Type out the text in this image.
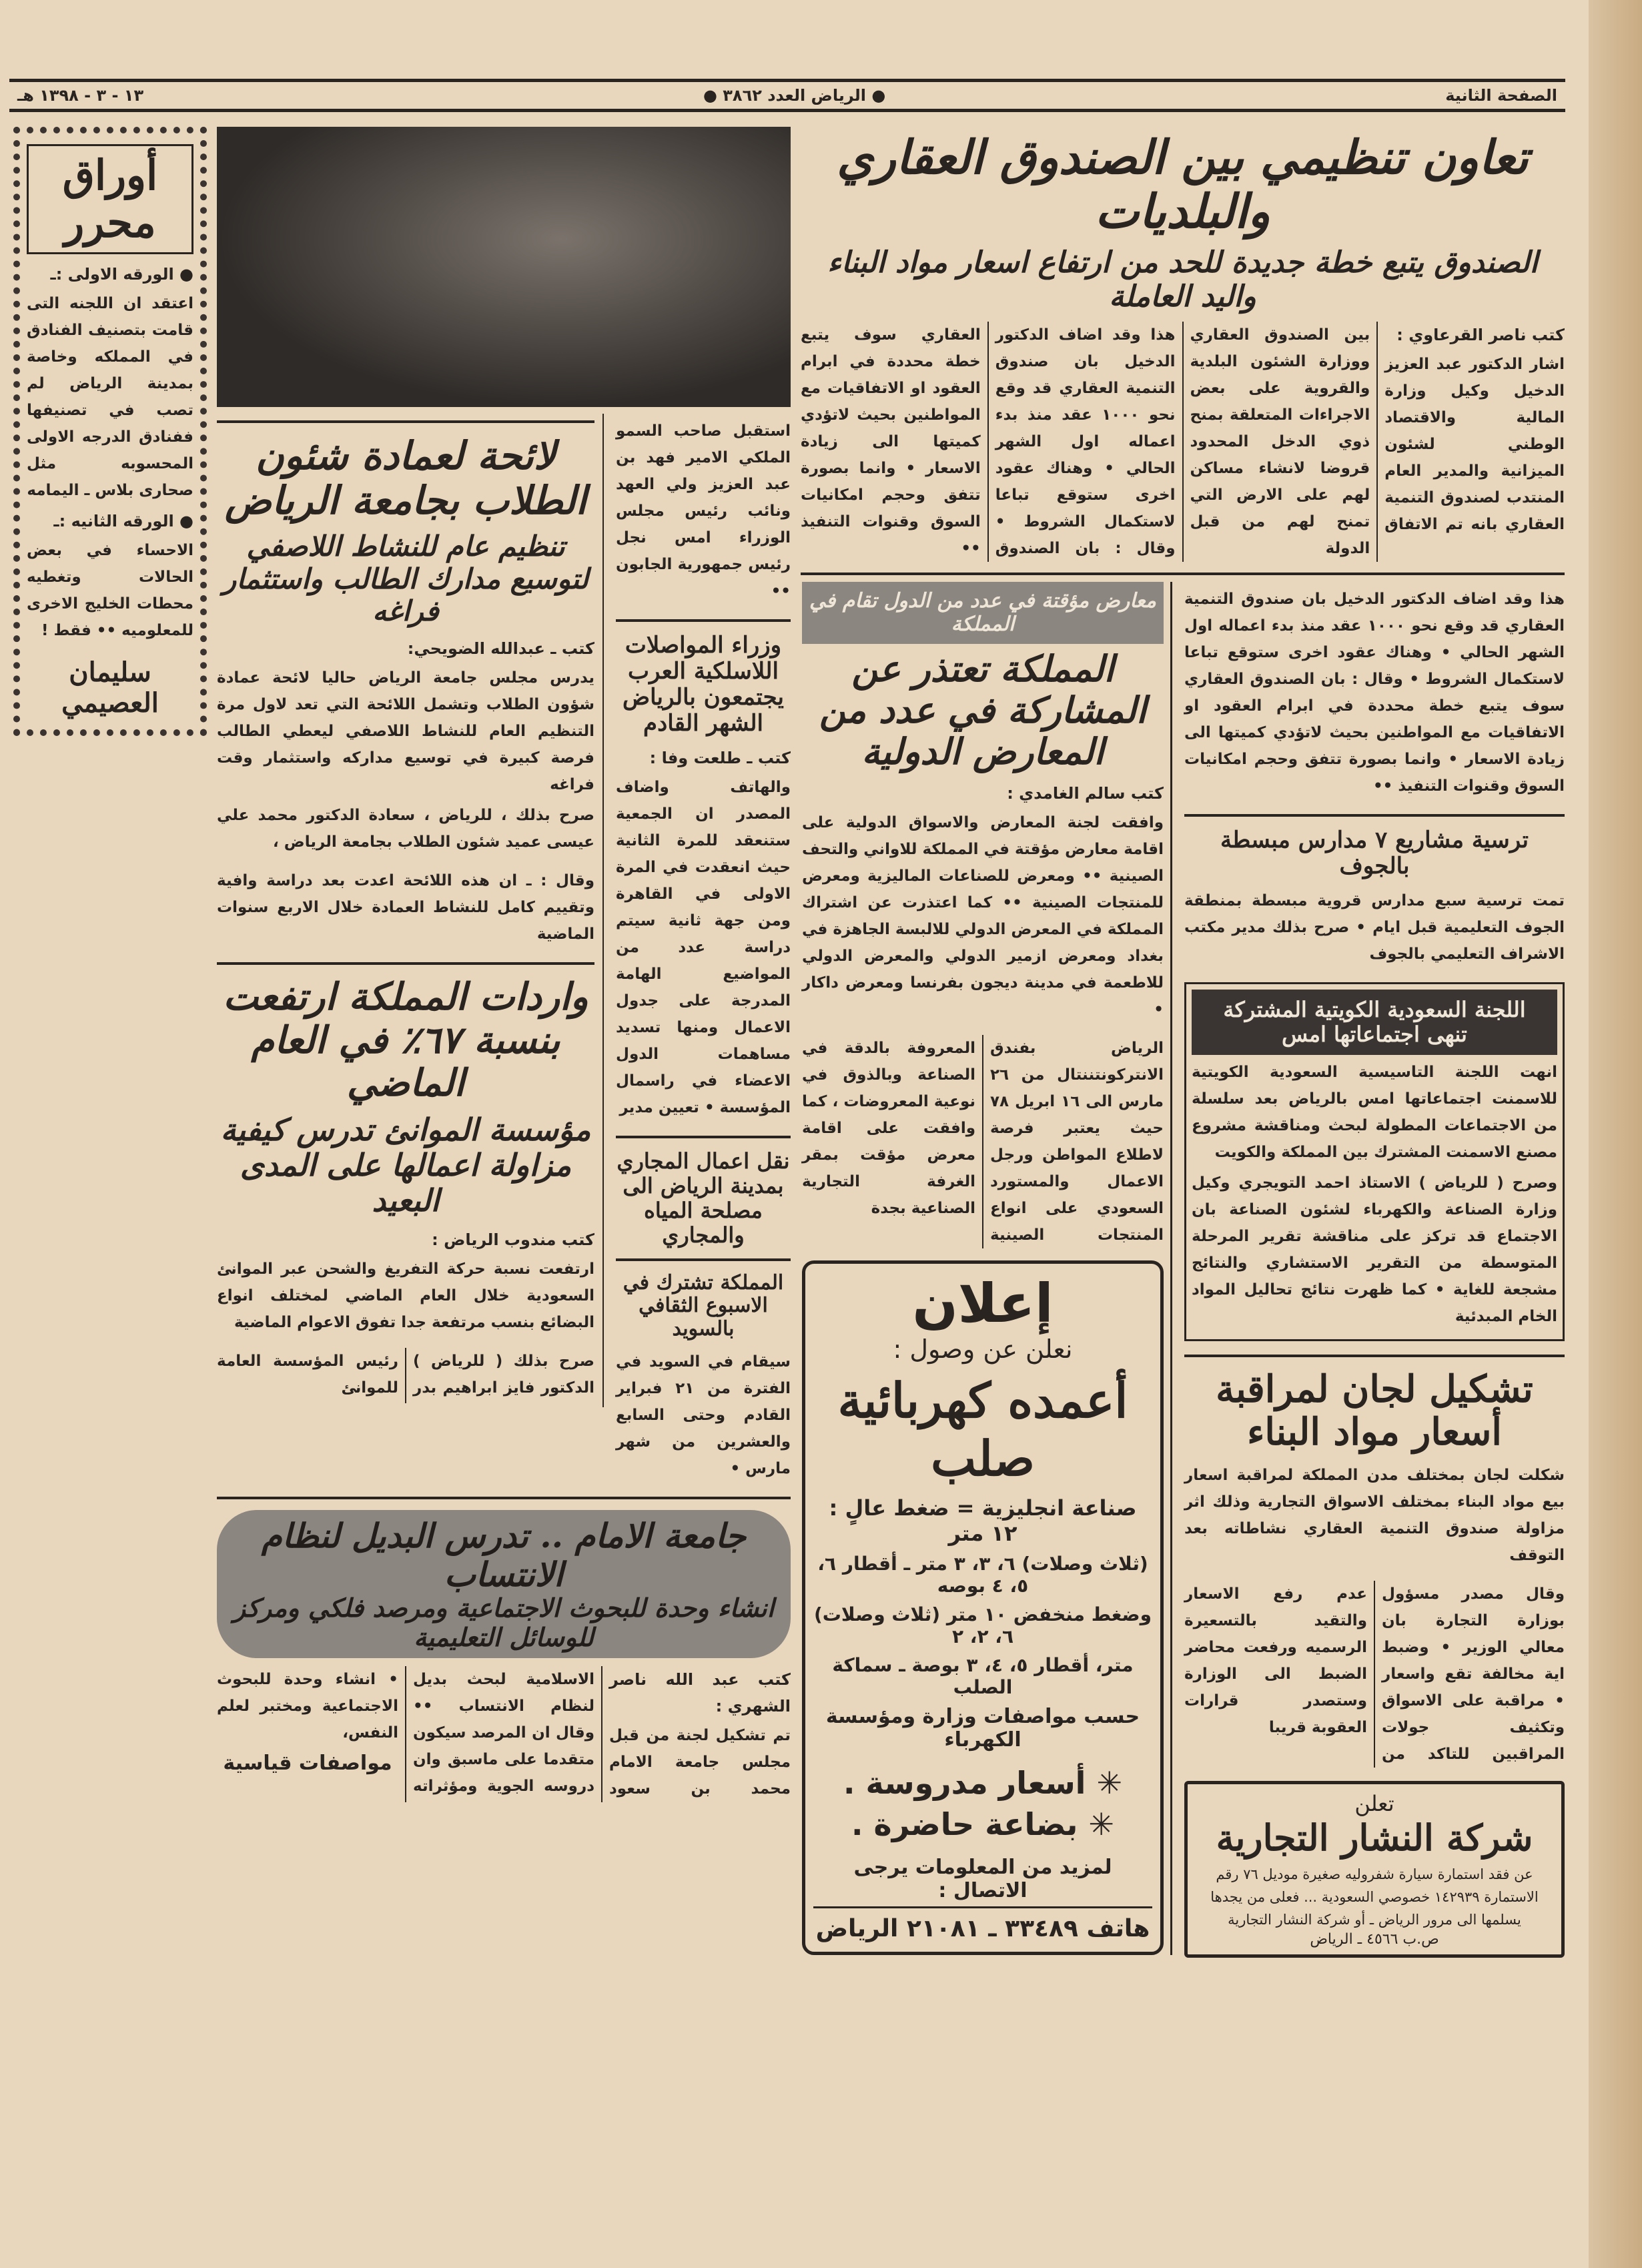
الصفحة الثانية
● الرياض العدد ٣٨٦٢ ●
١٣ - ٣ - ١٣٩٨ هـ
أوراق محرر
● الورقه الاولى :ـ

اعتقد ان اللجنه التى قامت بتصنيف الفنادق في المملكه وخاصة بمدينة الرياض لم تصب في تصنيفها ففنادق الدرجه الاولى المحسوبه مثل صحارى بلاس ـ اليمامه

● الورقه الثانيه :ـ

الاحساء في بعض الحالات وتغطيه محطات الخليج الاخرى للمعلوميه •• فقط !

سليمان العصيمي

استقبل صاحب السمو الملكي الامير فهد بن عبد العزيز ولي العهد ونائب رئيس مجلس الوزراء امس نجل رئيس جمهورية الجابون ••

وزراء المواصلات اللاسلكية العرب يجتمعون بالرياض الشهر القادم
كتب ـ طلعت وفا :

والهاتف واضاف المصدر ان الجمعية ستنعقد للمرة الثانية حيث انعقدت في المرة الاولى في القاهرة ومن جهة ثانية سيتم دراسة عدد من المواضيع الهامة المدرجة على جدول الاعمال ومنها تسديد مساهمات الدول الاعضاء في راسمال المؤسسة • تعيين مدير

نقل اعمال المجاري بمدينة الرياض الى مصلحة المياه والمجاري
المملكة تشترك في الاسبوع الثقافي بالسويد

سيقام في السويد في الفترة من ٢١ فبراير القادم وحتى السابع والعشرين من شهر مارس •

لائحة لعمادة شئون الطلاب بجامعة الرياض
تنظيم عام للنشاط اللاصفي لتوسيع مدارك الطالب واستثمار فراغه
كتب ـ عبدالله الضويحي:

يدرس مجلس جامعة الرياض حاليا لائحة عمادة شؤون الطلاب وتشمل اللائحة التي تعد لاول مرة التنظيم العام للنشاط اللاصفي ليعطي الطالب فرصة كبيرة في توسيع مداركه واستثمار وقت فراغه

صرح بذلك ، للرياض ، سعادة الدكتور محمد علي عيسى عميد شئون الطلاب بجامعة الرياض ،

وقال : ـ ان هذه اللائحة اعدت بعد دراسة وافية وتقييم كامل للنشاط العمادة خلال الاربع سنوات الماضية

واردات المملكة ارتفعت بنسبة ٦٧٪ في العام الماضي
مؤسسة الموانئ تدرس كيفية مزاولة اعمالها على المدى البعيد
كتب مندوب الرياض :

ارتفعت نسبة حركة التفريغ والشحن عبر الموانئ السعودية خلال العام الماضي لمختلف انواع البضائع بنسب مرتفعة جدا تفوق الاعوام الماضية

صرح بذلك ( للرياض ) الدكتور فايز ابراهيم بدر رئيس المؤسسة العامة للموانئ

جامعة الامام .. تدرس البديل لنظام الانتساب
انشاء وحدة للبحوث الاجتماعية ومرصد فلكي ومركز للوسائل التعليمية
كتب عبد الله ناصر الشهري :

تم تشكيل لجنة من قبل مجلس جامعة الامام محمد بن سعود الاسلامية لبحث بديل لنظام الانتساب •• وقال ان المرصد سيكون متقدما على ماسبق وان دروسه الجوية ومؤثراته • انشاء وحدة للبحوث الاجتماعية ومختبر لعلم النفس،

مواصفات قياسية
تعاون تنظيمي بين الصندوق العقاري والبلديات
الصندوق يتبع خطة جديدة للحد من ارتفاع اسعار مواد البناء واليد العاملة
كتب ناصر القرعاوي :

اشار الدكتور عبد العزيز الدخيل وكيل وزارة المالية والاقتصاد الوطني لشئون الميزانية والمدير العام المنتدب لصندوق التنمية العقاري بانه تم الاتفاق بين الصندوق العقاري ووزارة الشئون البلدية والقروية على بعض الاجراءات المتعلقة بمنح ذوي الدخل المحدود قروضا لانشاء مساكن لهم على الارض التي تمنح لهم من قبل الدولة

هذا وقد اضاف الدكتور الدخيل بان صندوق التنمية العقاري قد وقع نحو ١٠٠٠ عقد منذ بدء اعماله اول الشهر الحالي • وهناك عقود اخرى ستوقع تباعا لاستكمال الشروط • وقال : بان الصندوق العقاري سوف يتبع خطة محددة في ابرام العقود او الاتفاقيات مع المواطنين بحيث لاتؤدي كميتها الى زيادة الاسعار • وانما بصورة تتفق وحجم امكانيات السوق وقنوات التنفيذ ••

هذا وقد اضاف الدكتور الدخيل بان صندوق التنمية العقاري قد وقع نحو ١٠٠٠ عقد منذ بدء اعماله اول الشهر الحالي • وهناك عقود اخرى ستوقع تباعا لاستكمال الشروط • وقال : بان الصندوق العقاري سوف يتبع خطة محددة في ابرام العقود او الاتفاقيات مع المواطنين بحيث لاتؤدي كميتها الى زيادة الاسعار • وانما بصورة تتفق وحجم امكانيات السوق وقنوات التنفيذ ••

ترسية مشاريع ٧ مدارس مبسطة بالجوف

تمت ترسية سبع مدارس قروية مبسطة بمنطقة الجوف التعليمية قبل ايام • صرح بذلك مدير مكتب الاشراف التعليمي بالجوف

اللجنة السعودية الكويتية المشتركة تنهى اجتماعاتها امس

انهت اللجنة التاسيسية السعودية الكويتية للاسمنت اجتماعاتها امس بالرياض بعد سلسلة من الاجتماعات المطولة لبحث ومناقشة مشروع مصنع الاسمنت المشترك بين المملكة والكويت

وصرح ( للرياض ) الاستاذ احمد التويجري وكيل وزارة الصناعة والكهرباء لشئون الصناعة بان الاجتماع قد تركز على مناقشة تقرير المرحلة المتوسطة من التقرير الاستشاري والنتائج مشجعة للغاية • كما ظهرت نتائج تحاليل المواد الخام المبدئية

تشكيل لجان لمراقبة أسعار مواد البناء

شكلت لجان بمختلف مدن المملكة لمراقبة اسعار بيع مواد البناء بمختلف الاسواق التجارية وذلك اثر مزاولة صندوق التنمية العقاري نشاطاته بعد التوقف

وقال مصدر مسؤول بوزارة التجارة بان معالي الوزير • وضبط اية مخالفة تقع واسعار • مراقبة على الاسواق وتكثيف جولات المراقبين للتاكد من عدم رفع الاسعار والتقيد بالتسعيرة الرسميه ورفعت محاضر الضبط الى الوزارة وستصدر قرارات العقوبة قريبا

تعلن
شركة النشار التجارية
عن فقد استمارة سيارة شفروليه صغيرة موديل ٧٦ رقم الاستمارة ١٤٢٩٣٩ خصوصي السعودية ... فعلى من يجدها يسلمها الى مرور الرياض ـ أو شركة النشار التجارية
ص.ب ٤٥٦٦ ـ الرياض
معارض مؤقتة في عدد من الدول تقام في المملكة
المملكة تعتذر عن المشاركة في عدد من المعارض الدولية
كتب سالم الغامدي :

وافقت لجنة المعارض والاسواق الدولية على اقامة معارض مؤقتة في المملكة للاواني والتحف الصينية •• ومعرض للصناعات الماليزية ومعرض للمنتجات الصينية •• كما اعتذرت عن اشتراك المملكة في المعرض الدولي للالبسة الجاهزة في بغداد ومعرض ازمير الدولي والمعرض الدولي للاطعمة في مدينة ديجون بفرنسا ومعرض داكار •

الرياض بفندق الانتركونتننتال من ٢٦ مارس الى ١٦ ابريل ٧٨ حيث يعتبر فرصة لاطلاع المواطن ورجل الاعمال والمستورد السعودي على انواع المنتجات الصينية المعروفة بالدقة في الصناعة وبالذوق في نوعية المعروضات ، كما وافقت على اقامة معرض مؤقت بمقر الغرفة التجارية الصناعية بجدة

إعلان
نعلن عن وصول :
أعمده كهربائية صلب
صناعة انجليزية = ضغط عالٍ : ١٢ متر
(ثلاث وصلات) ٦، ٣، ٣ متر ـ أقطار ٦، ٥، ٤ بوصه
وضغط منخفض ١٠ متر (ثلاث وصلات) ٦، ٢، ٢
متر، أقطار ٥، ٤، ٣ بوصة ـ سماكة الصلب
حسب مواصفات وزارة ومؤسسة الكهرباء
✳ أسعار مدروسة .
✳ بضاعة حاضرة .
لمزيد من المعلومات يرجى الاتصال :
هاتف ٣٣٤٨٩ ـ ٢١٠٨١ الرياض
